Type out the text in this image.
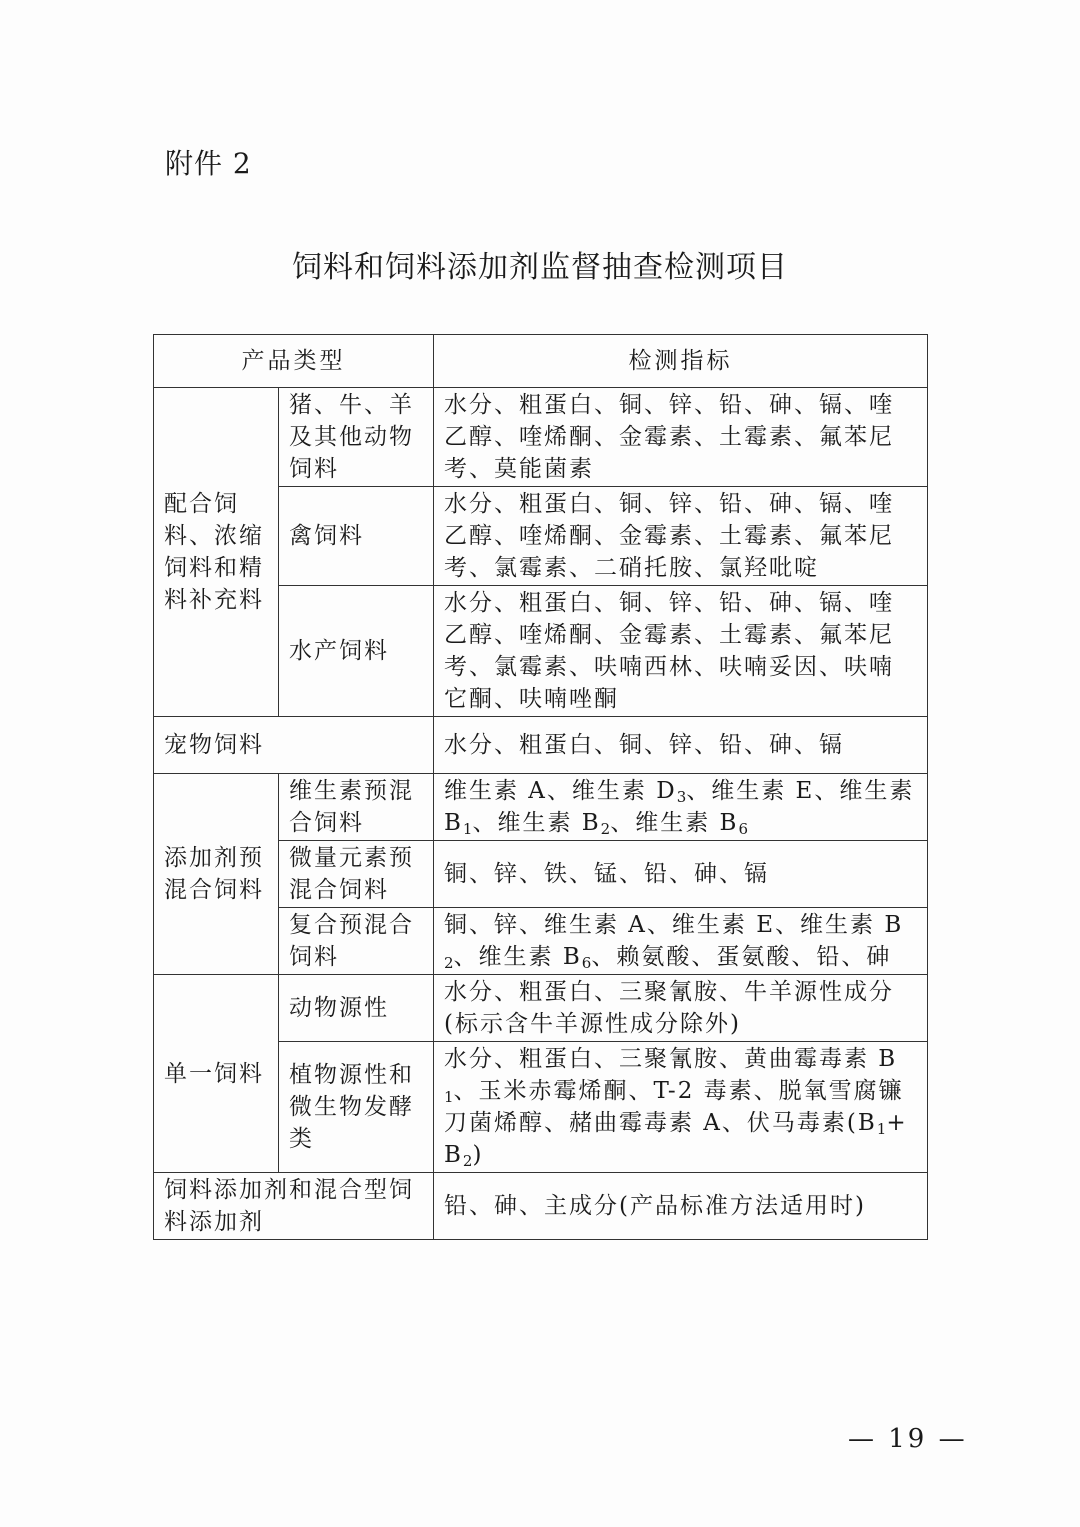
附件 2
饲料和饲料添加剂监督抽查检测项目
产品类型		检测指标
配合饲料、浓缩饲料和精料补充料	猪、牛、羊及其他动物饲料	水分、粗蛋白、铜、锌、铅、砷、镉、喹乙醇、喹烯酮、金霉素、土霉素、氟苯尼考、莫能菌素
	禽饲料	水分、粗蛋白、铜、锌、铅、砷、镉、喹乙醇、喹烯酮、金霉素、土霉素、氟苯尼考、氯霉素、二硝托胺、氯羟吡啶
	水产饲料	水分、粗蛋白、铜、锌、铅、砷、镉、喹乙醇、喹烯酮、金霉素、土霉素、氟苯尼考、氯霉素、呋喃西林、呋喃妥因、呋喃它酮、呋喃唑酮
宠物饲料		水分、粗蛋白、铜、锌、铅、砷、镉
添加剂预混合饲料	维生素预混合饲料	维生素 A、维生素 $D_3$、维生素 E、维生素 $B_1$、维生素 $B_2$、维生素 $B_6$
	微量元素预混合饲料	铜、锌、铁、锰、铅、砷、镉
	复合预混合饲料	铜、锌、维生素 A、维生素 E、维生素 $B_2$、维生素 $B_6$、赖氨酸、蛋氨酸、铅、砷
单一饲料	动物源性	水分、粗蛋白、三聚氰胺、牛羊源性成分(标示含牛羊源性成分除外)
	植物源性和微生物发酵类	水分、粗蛋白、三聚氰胺、黄曲霉毒素 $B_1$、玉米赤霉烯酮、T-2 毒素、脱氧雪腐镰刀菌烯醇、赭曲霉毒素 A、伏马毒素$(B_1+B_2)$
饲料添加剂和混合型饲料添加剂		铅、砷、主成分(产品标准方法适用时)
— 19 —
